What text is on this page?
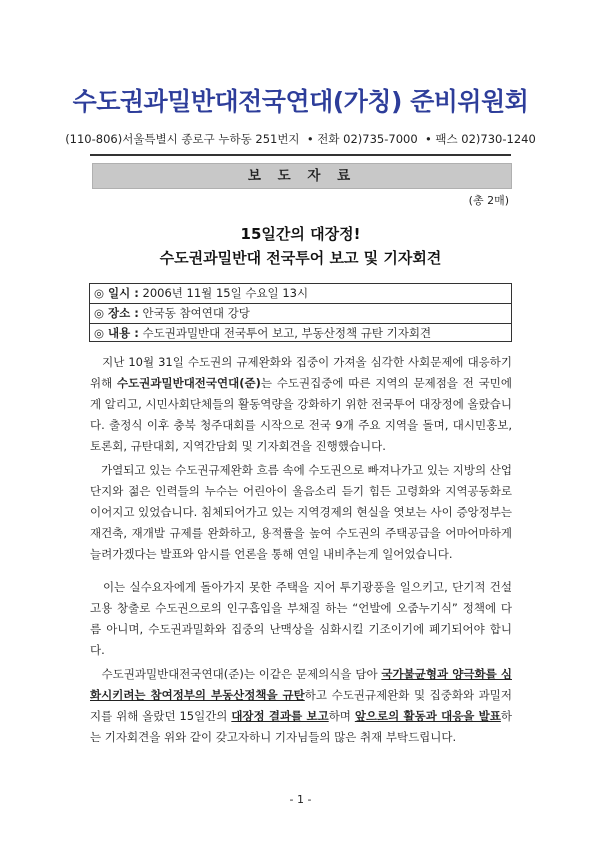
수도권과밀반대전국연대(가칭) 준비위원회
(110-806)서울특별시 종로구 누하동 251번지 • 전화 02)735-7000 • 팩스 02)730-1240
보 도 자 료
(총 2매)
15일간의 대장정!
수도권과밀반대 전국투어 보고 및 기자회견
◎ 일시 : 2006년 11월 15일 수요일 13시
◎ 장소 : 안국동 참여연대 강당
◎ 내용 : 수도권과밀반대 전국투어 보고, 부동산정책 규탄 기자회견
지난 10월 31일 수도권의 규제완화와 집중이 가져올 심각한 사회문제에 대응하기 위해 수도권과밀반대전국연대(준)는 수도권집중에 따른 지역의 문제점을 전 국민에게 알리고, 시민사회단체들의 활동역량을 강화하기 위한 전국투어 대장정에 올랐습니다. 출정식 이후 충북 청주대회를 시작으로 전국 9개 주요 지역을 돌며, 대시민홍보, 토론회, 규탄대회, 지역간담회 및 기자회견을 진행했습니다.
가열되고 있는 수도권규제완화 흐름 속에 수도권으로 빠져나가고 있는 지방의 산업단지와 젊은 인력들의 누수는 어린아이 울음소리 듣기 힘든 고령화와 지역공동화로 이어지고 있었습니다. 침체되어가고 있는 지역경제의 현실을 엿보는 사이 증앙정부는 재건축, 재개발 규제를 완화하고, 용적률을 높여 수도권의 주택공급을 어마어마하게 늘려가겠다는 발표와 암시를 언론을 통해 연일 내비추는게 일어었습니다.
이는 실수요자에게 돌아가지 못한 주택을 지어 투기광풍을 일으키고, 단기적 건설고용 창출로 수도권으로의 인구흡입을 부채질 하는 “언발에 오줌누기식” 정책에 다름 아니며, 수도권과밀화와 집중의 난맥상을 심화시킬 기조이기에 폐기되어야 합니다.
수도권과밀반대전국연대(준)는 이같은 문제의식을 담아 국가불균형과 양극화를 심화시키려는 참여정부의 부동산정책을 규탄하고 수도권규제완화 및 집중화와 과밀저지를 위해 올랐던 15일간의 대장정 결과를 보고하며 앞으로의 활동과 대응을 발표하는 기자회견을 위와 같이 갖고자하니 기자님들의 많은 취재 부탁드립니다.
- 1 -
